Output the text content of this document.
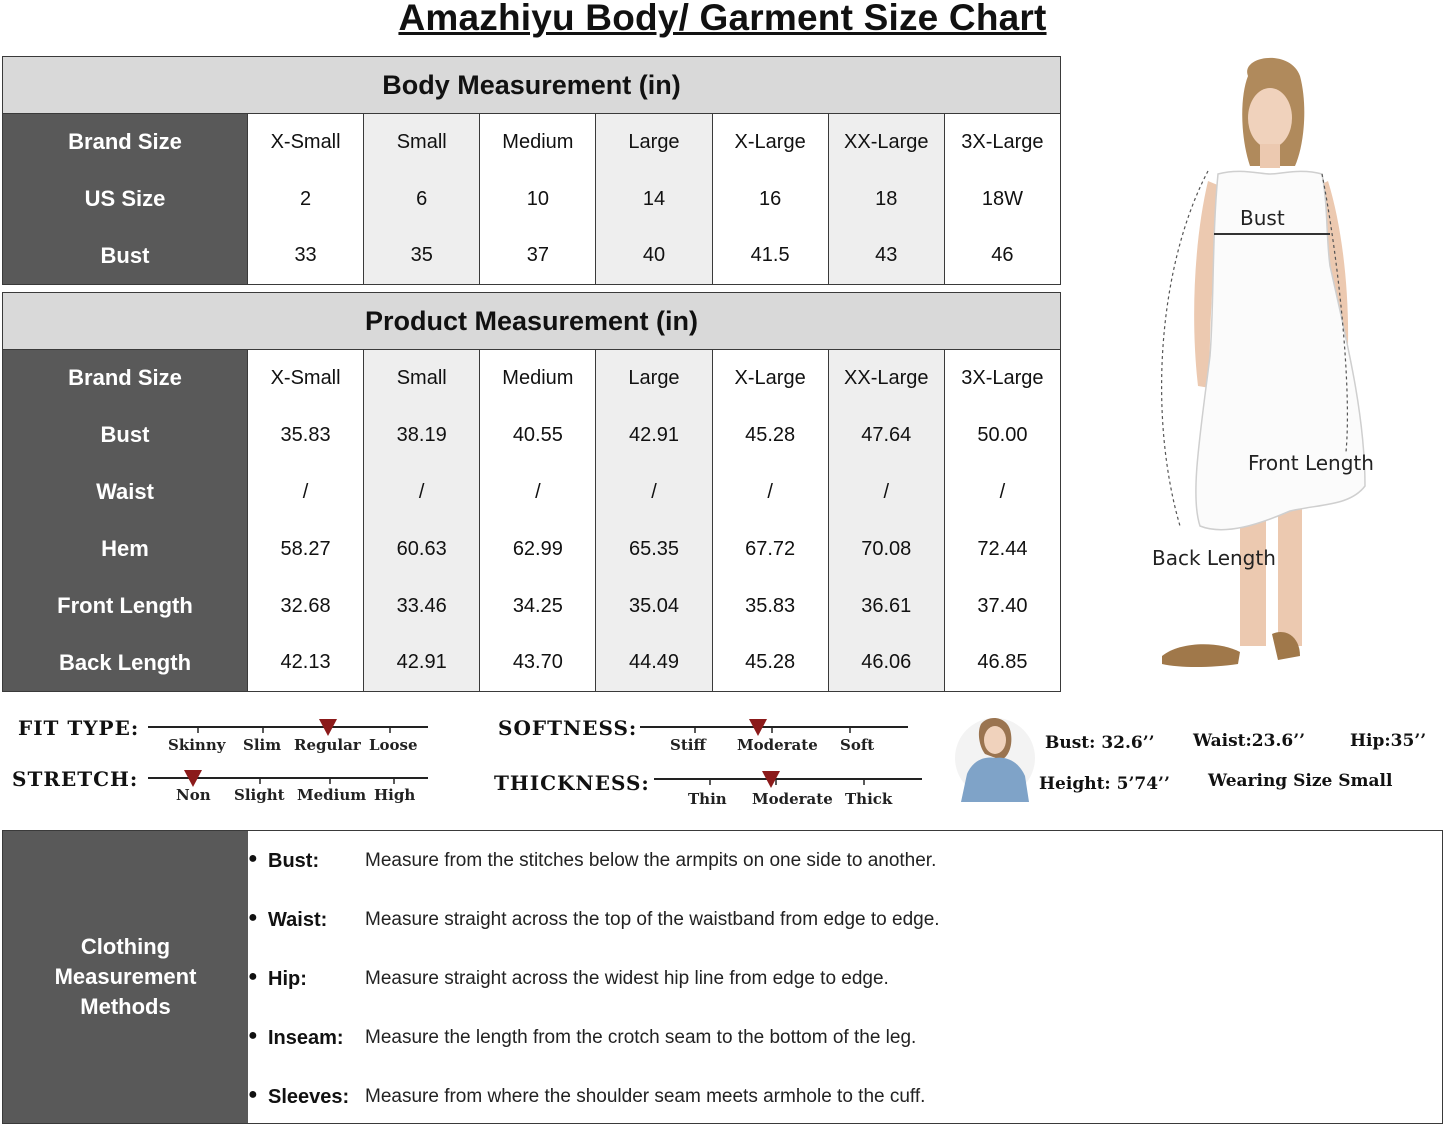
Amazhiyu Body/ Garment Size Chart
Body Measurement (in)							
Brand Size	X-Small	Small	Medium	Large	X-Large	XX-Large	3X-Large
US Size	2	6	10	14	16	18	18W
Bust	33	35	37	40	41.5	43	46
Product Measurement (in)							
Brand Size	X-Small	Small	Medium	Large	X-Large	XX-Large	3X-Large
Bust	35.83	38.19	40.55	42.91	45.28	47.64	50.00
Waist	/	/	/	/	/	/	/
Hem	58.27	60.63	62.99	65.35	67.72	70.08	72.44
Front Length	32.68	33.46	34.25	35.04	35.83	36.61	37.40
Back Length	42.13	42.91	43.70	44.49	45.28	46.06	46.85
Bust
Front Length
Back Length
FIT TYPE:
Skinny Slim Regular Loose
STRETCH:
Non Slight Medium High
SOFTNESS:
Stiff Moderate Soft
THICKNESS:
Thin Moderate Thick
Bust: 32.6’’ Waist:23.6’’	Hip:35’’
Height: 5’74’’ Wearing Size Small
Clothing Measurement Methods
● Bust: Measure from the stitches below the armpits on one side to another.
● Waist: Measure straight across the top of the waistband from edge to edge.
● Hip:	Measure straight across the widest hip line from edge to edge.
● Inseam: Measure the length from the crotch seam to the bottom of the leg.
● Sleeves: Measure from where the shoulder seam meets armhole to the cuff.
